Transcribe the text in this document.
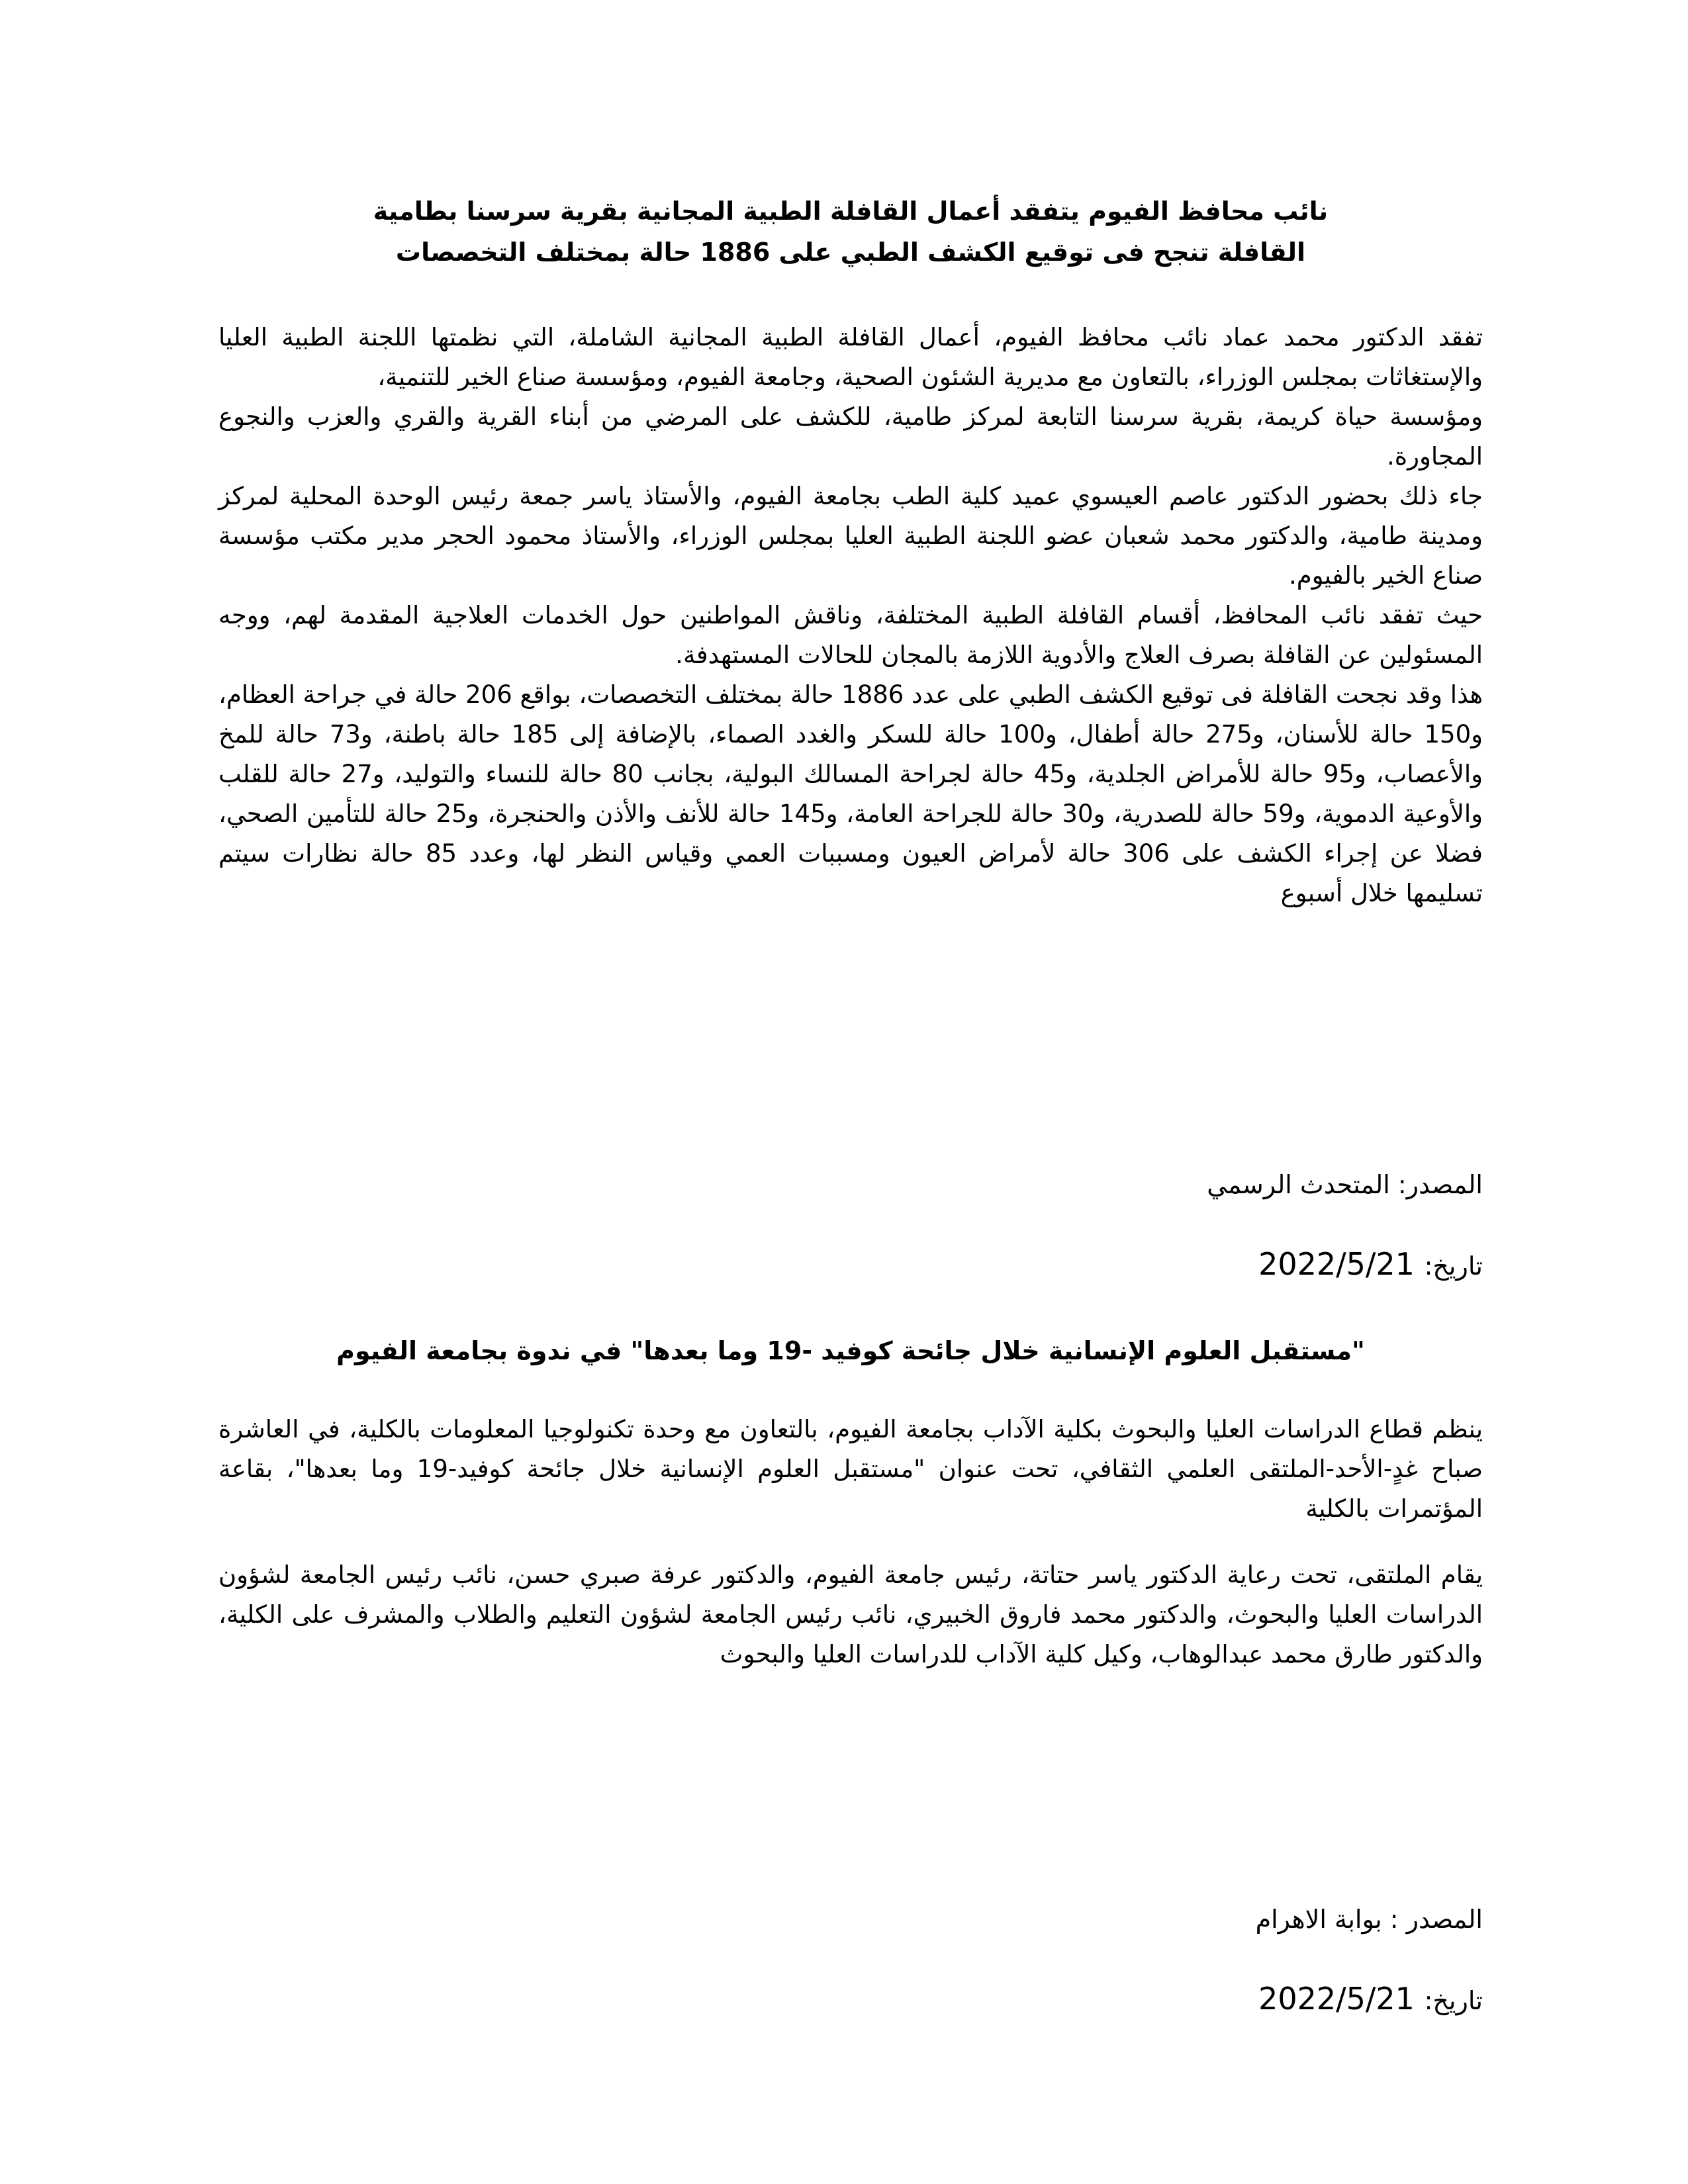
نائب محافظ الفيوم يتفقد أعمال القافلة الطبية المجانية بقرية سرسنا بطامية
القافلة تنجح فى توقيع الكشف الطبي على 1886 حالة بمختلف التخصصات

تفقد الدكتور محمد عماد نائب محافظ الفيوم، أعمال القافلة الطبية المجانية الشاملة، التي نظمتها اللجنة الطبية العليا والإستغاثات بمجلس الوزراء، بالتعاون مع مديرية الشئون الصحية، وجامعة الفيوم، ومؤسسة صناع الخير للتنمية،

ومؤسسة حياة كريمة، بقرية سرسنا التابعة لمركز طامية، للكشف على المرضي من أبناء القرية والقري والعزب والنجوع المجاورة.

جاء ذلك بحضور الدكتور عاصم العيسوي عميد كلية الطب بجامعة الفيوم، والأستاذ ياسر جمعة رئيس الوحدة المحلية لمركز ومدينة طامية، والدكتور محمد شعبان عضو اللجنة الطبية العليا بمجلس الوزراء، والأستاذ محمود الحجر مدير مكتب مؤسسة صناع الخير بالفيوم.

حيث تفقد نائب المحافظ، أقسام القافلة الطبية المختلفة، وناقش المواطنين حول الخدمات العلاجية المقدمة لهم، ووجه المسئولين عن القافلة بصرف العلاج والأدوية اللازمة بالمجان للحالات المستهدفة.

هذا وقد نجحت القافلة فى توقيع الكشف الطبي على عدد 1886 حالة بمختلف التخصصات، بواقع 206 حالة في جراحة العظام، و150 حالة للأسنان، و275 حالة أطفال، و100 حالة للسكر والغدد الصماء، بالإضافة إلى 185 حالة باطنة، و73 حالة للمخ والأعصاب، و95 حالة للأمراض الجلدية، و45 حالة لجراحة المسالك البولية، بجانب 80 حالة للنساء والتوليد، و27 حالة للقلب والأوعية الدموية، و59 حالة للصدرية، و30 حالة للجراحة العامة، و145 حالة للأنف والأذن والحنجرة، و25 حالة للتأمين الصحي، فضلا عن إجراء الكشف على 306 حالة لأمراض العيون ومسببات العمي وقياس النظر لها، وعدد 85 حالة نظارات سيتم تسليمها خلال أسبوع

المصدر: المتحدث الرسمي
تاريخ: 2022/5/21
"مستقبل العلوم الإنسانية خلال جائحة كوفيد -19 وما بعدها" في ندوة بجامعة الفيوم

ينظم قطاع الدراسات العليا والبحوث بكلية الآداب بجامعة الفيوم، بالتعاون مع وحدة تكنولوجيا المعلومات بالكلية، في العاشرة صباح غدٍ-الأحد-الملتقى العلمي الثقافي، تحت عنوان "مستقبل العلوم الإنسانية خلال جائحة كوفيد-19 وما بعدها"، بقاعة المؤتمرات بالكلية

يقام الملتقى، تحت رعاية الدكتور ياسر حتاتة، رئيس جامعة الفيوم، والدكتور عرفة صبري حسن، نائب رئيس الجامعة لشؤون الدراسات العليا والبحوث، والدكتور محمد فاروق الخبيري، نائب رئيس الجامعة لشؤون التعليم والطلاب والمشرف على الكلية، والدكتور طارق محمد عبدالوهاب، وكيل كلية الآداب للدراسات العليا والبحوث

المصدر : بوابة الاهرام
تاريخ: 2022/5/21
